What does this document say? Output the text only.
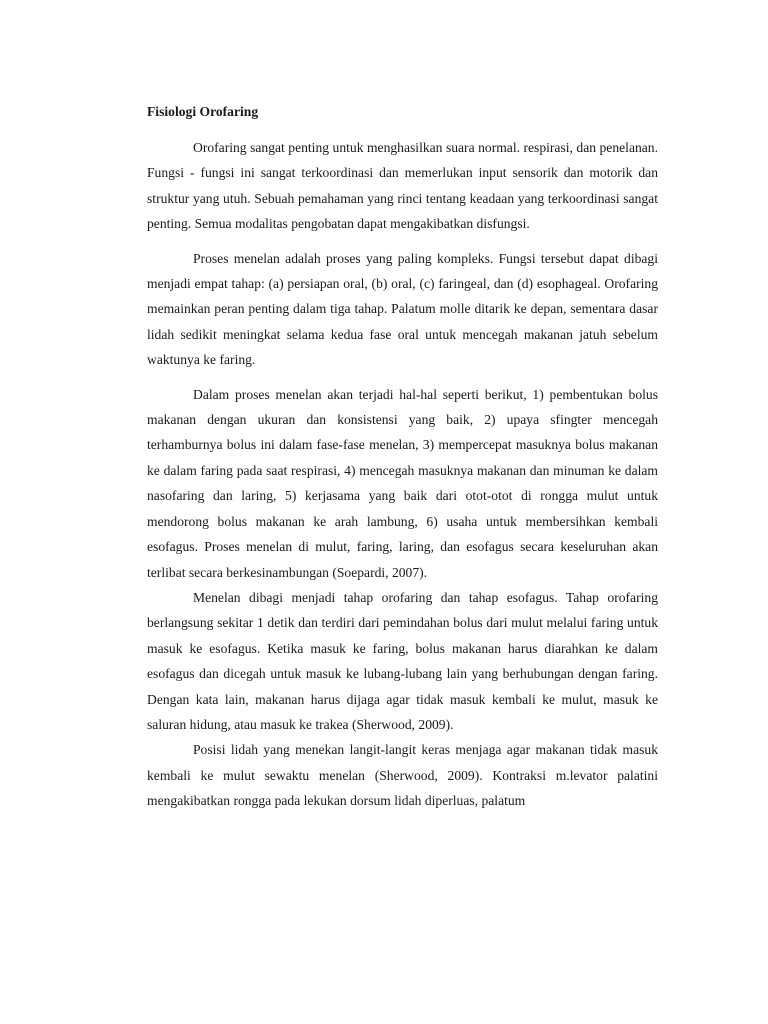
Fisiologi Orofaring

Orofaring sangat penting untuk menghasilkan suara normal. respirasi, dan penelanan. Fungsi - fungsi ini sangat terkoordinasi dan memerlukan input sensorik dan motorik dan struktur yang utuh. Sebuah pemahaman yang rinci tentang keadaan yang terkoordinasi sangat penting. Semua modalitas pengobatan dapat mengakibatkan disfungsi.

Proses menelan adalah proses yang paling kompleks. Fungsi tersebut dapat dibagi menjadi empat tahap: (a) persiapan oral, (b) oral, (c) faringeal, dan (d) esophageal. Orofaring memainkan peran penting dalam tiga tahap. Palatum molle ditarik ke depan, sementara dasar lidah sedikit meningkat selama kedua fase oral untuk mencegah makanan jatuh sebelum waktunya ke faring.

Dalam proses menelan akan terjadi hal-hal seperti berikut, 1) pembentukan bolus makanan dengan ukuran dan konsistensi yang baik, 2) upaya sfingter mencegah terhamburnya bolus ini dalam fase-fase menelan, 3) mempercepat masuknya bolus makanan ke dalam faring pada saat respirasi, 4) mencegah masuknya makanan dan minuman ke dalam nasofaring dan laring, 5) kerjasama yang baik dari otot-otot di rongga mulut untuk mendorong bolus makanan ke arah lambung, 6) usaha untuk membersihkan kembali esofagus. Proses menelan di mulut, faring, laring, dan esofagus secara keseluruhan akan terlibat secara berkesinambungan (Soepardi, 2007).

Menelan dibagi menjadi tahap orofaring dan tahap esofagus. Tahap orofaring berlangsung sekitar 1 detik dan terdiri dari pemindahan bolus dari mulut melalui faring untuk masuk ke esofagus. Ketika masuk ke faring, bolus makanan harus diarahkan ke dalam esofagus dan dicegah untuk masuk ke lubang-lubang lain yang berhubungan dengan faring. Dengan kata lain, makanan harus dijaga agar tidak masuk kembali ke mulut, masuk ke saluran hidung, atau masuk ke trakea (Sherwood, 2009).

Posisi lidah yang menekan langit-langit keras menjaga agar makanan tidak masuk kembali ke mulut sewaktu menelan (Sherwood, 2009). Kontraksi m.levator palatini mengakibatkan rongga pada lekukan dorsum lidah diperluas, palatum
